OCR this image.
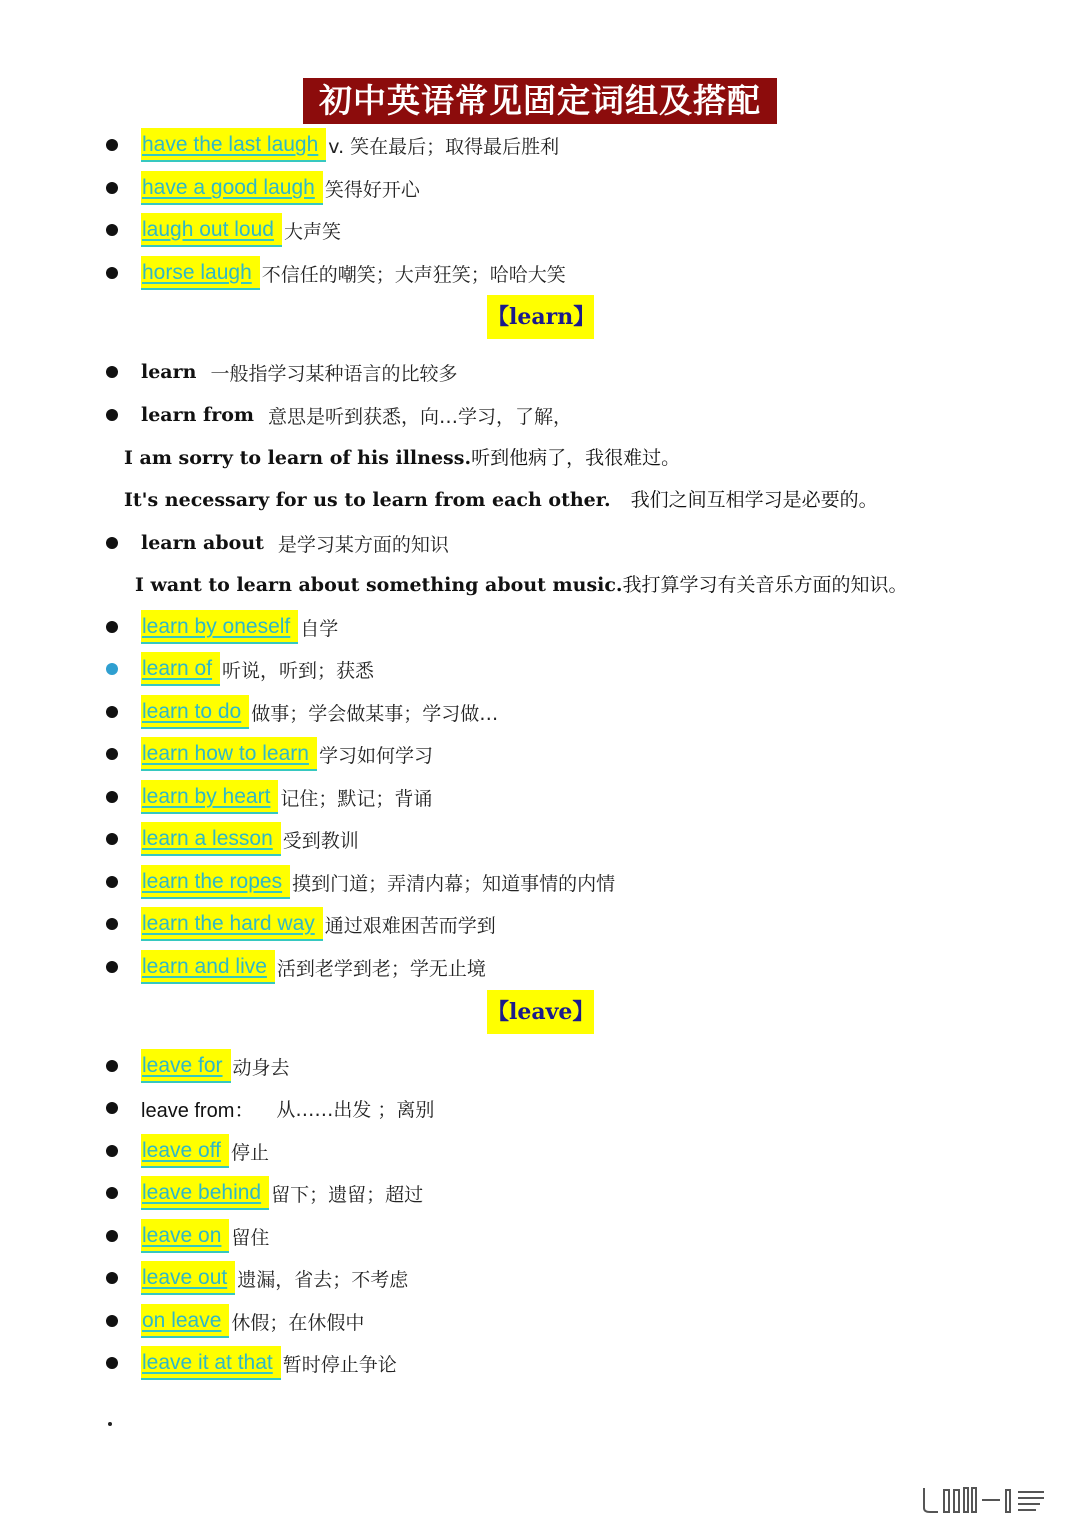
初中英语常见固定词组及搭配
have the last laugh v. 笑在最后；取得最后胜利
have a good laugh 笑得好开心
laugh out loud 大声笑
horse laugh 不信任的嘲笑；大声狂笑；哈哈大笑
【learn】
learn 一般指学习某种语言的比较多
learn from 意思是听到获悉，向…学习，了解，
I am sorry to learn of his illness.听到他病了，我很难过。
It's necessary for us to learn from each other. 我们之间互相学习是必要的。
learn about 是学习某方面的知识
I want to learn about something about music.我打算学习有关音乐方面的知识。
learn by oneself 自学
learn of 听说，听到；获悉
learn to do 做事；学会做某事；学习做…
learn how to learn 学习如何学习
learn by heart 记住；默记；背诵
learn a lesson 受到教训
learn the ropes 摸到门道；弄清内幕；知道事情的内情
learn the hard way 通过艰难困苦而学到
learn and live 活到老学到老；学无止境
【leave】
leave for 动身去
leave from： 从……出发 ；离别
leave off 停止
leave behind 留下；遗留；超过
leave on 留住
leave out 遗漏，省去；不考虑
on leave 休假；在休假中
leave it at that 暂时停止争论
